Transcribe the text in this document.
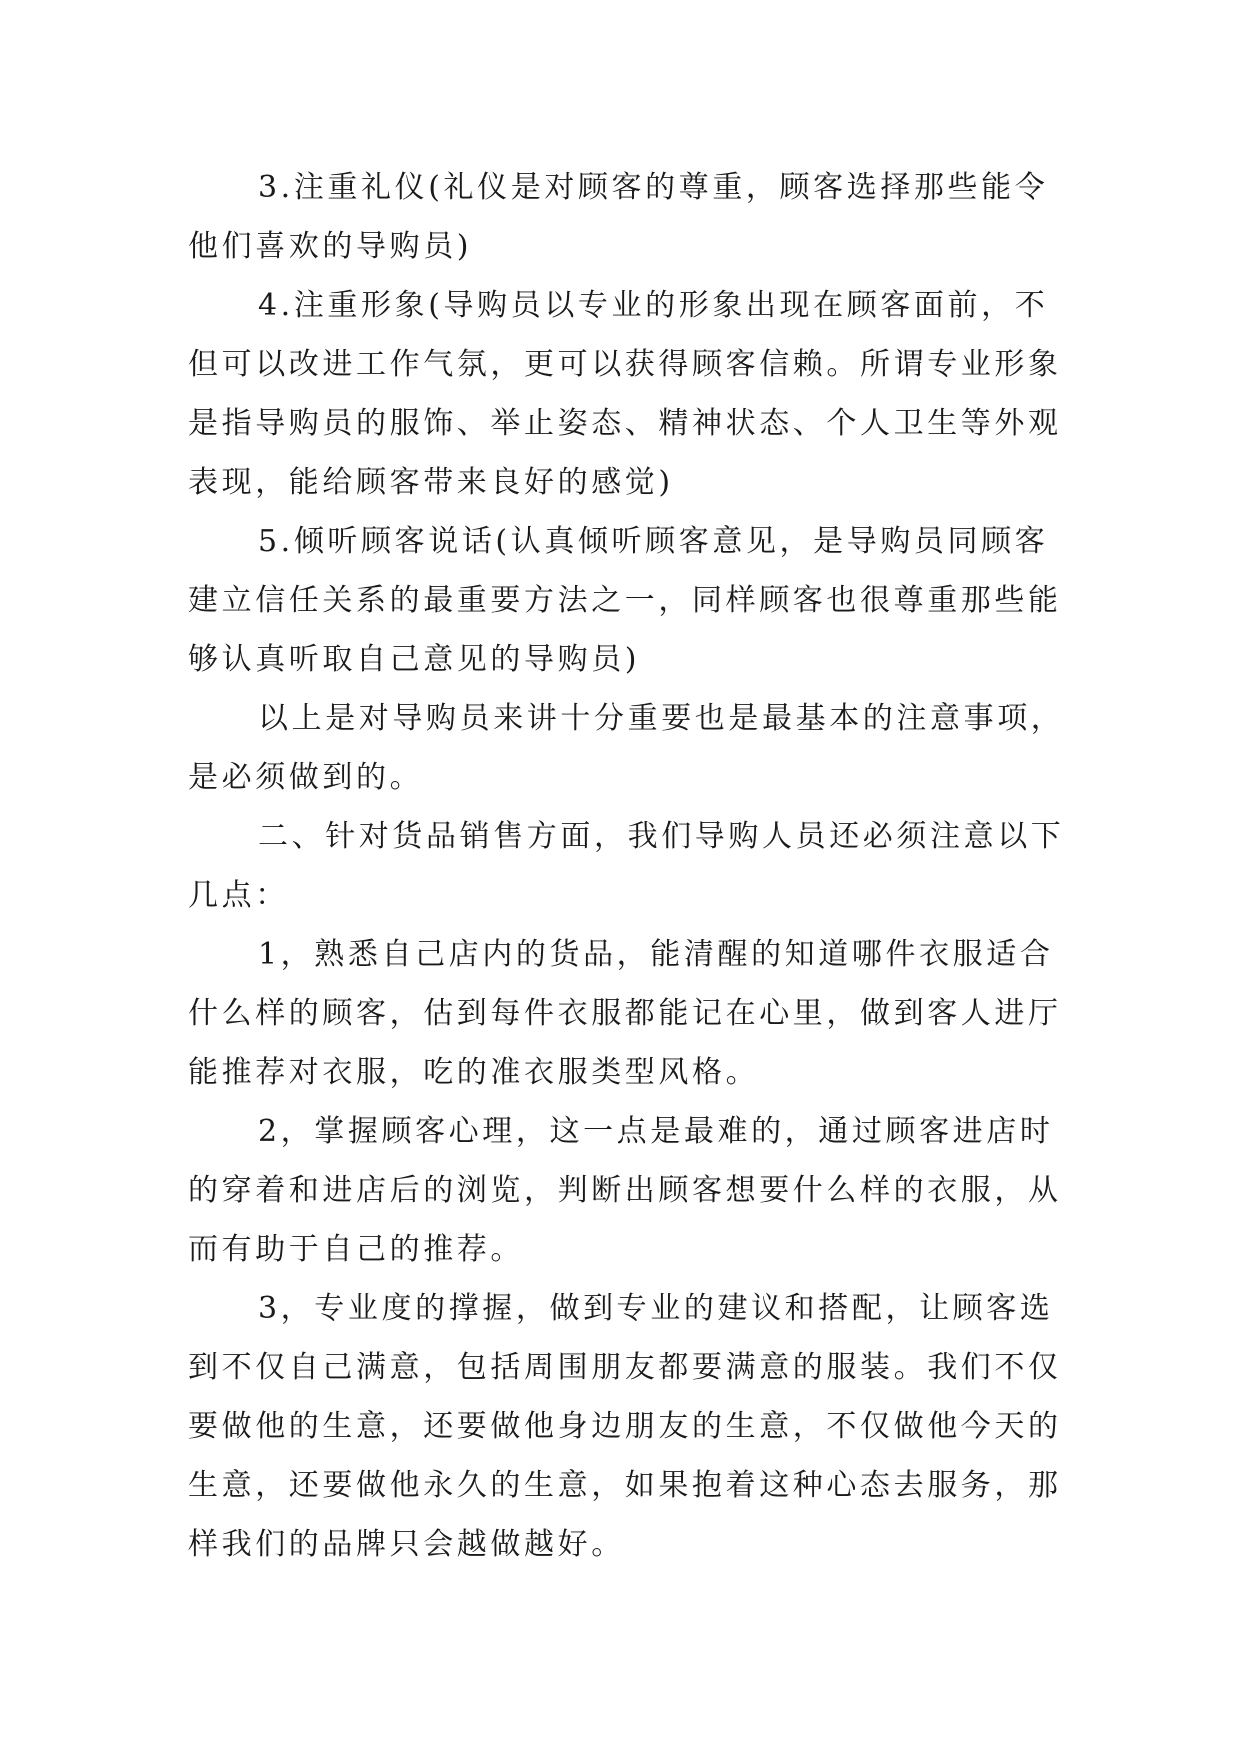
3.注重礼仪(礼仪是对顾客的尊重，顾客选择那些能令
他们喜欢的导购员)

4.注重形象(导购员以专业的形象出现在顾客面前，不
但可以改进工作气氛，更可以获得顾客信赖。所谓专业形象
是指导购员的服饰、举止姿态、精神状态、个人卫生等外观
表现，能给顾客带来良好的感觉)

5.倾听顾客说话(认真倾听顾客意见，是导购员同顾客
建立信任关系的最重要方法之一，同样顾客也很尊重那些能
够认真听取自己意见的导购员)

以上是对导购员来讲十分重要也是最基本的注意事项，
是必须做到的。

二、针对货品销售方面，我们导购人员还必须注意以下
几点：

1，熟悉自己店内的货品，能清醒的知道哪件衣服适合
什么样的顾客，估到每件衣服都能记在心里，做到客人进厅
能推荐对衣服，吃的准衣服类型风格。

2，掌握顾客心理，这一点是最难的，通过顾客进店时
的穿着和进店后的浏览，判断出顾客想要什么样的衣服，从
而有助于自己的推荐。

3，专业度的撑握，做到专业的建议和搭配，让顾客选
到不仅自己满意，包括周围朋友都要满意的服装。我们不仅
要做他的生意，还要做他身边朋友的生意，不仅做他今天的
生意，还要做他永久的生意，如果抱着这种心态去服务，那
样我们的品牌只会越做越好。
